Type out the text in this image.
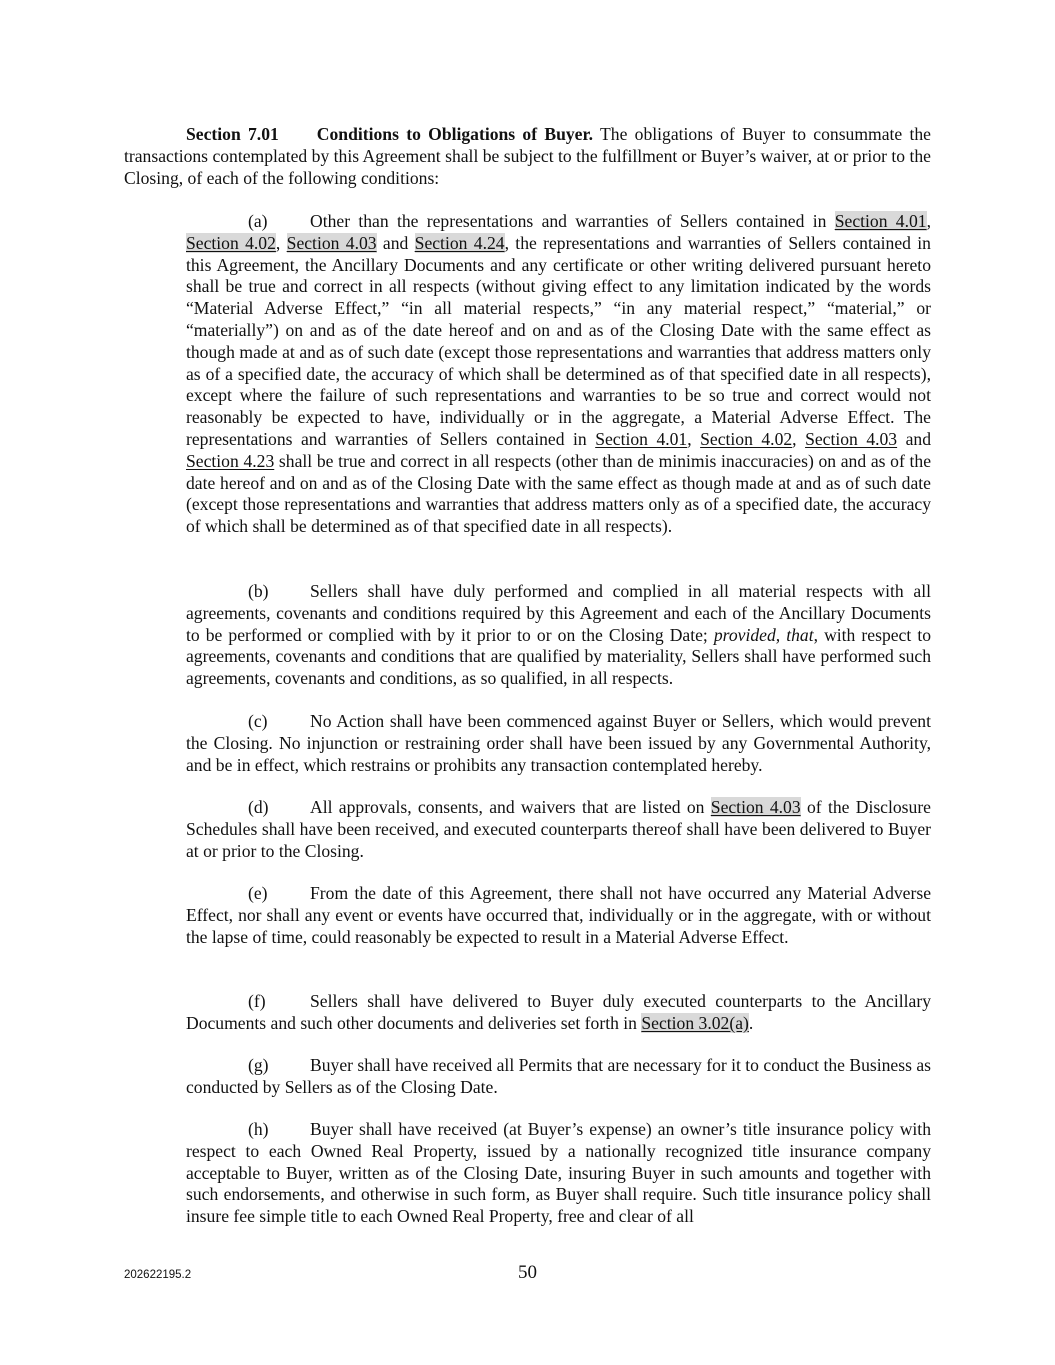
Section 7.01 Conditions to Obligations of Buyer. The obligations of Buyer to consummate the transactions contemplated by this Agreement shall be subject to the fulfillment or Buyer’s waiver, at or prior to the Closing, of each of the following conditions:

(a) Other than the representations and warranties of Sellers contained in Section 4.01, Section 4.02, Section 4.03 and Section 4.24, the representations and warranties of Sellers contained in this Agreement, the Ancillary Documents and any certificate or other writing delivered pursuant hereto shall be true and correct in all respects (without giving effect to any limitation indicated by the words “Material Adverse Effect,” “in all material respects,” “in any material respect,” “material,” or “materially”) on and as of the date hereof and on and as of the Closing Date with the same effect as though made at and as of such date (except those representations and warranties that address matters only as of a specified date, the accuracy of which shall be determined as of that specified date in all respects), except where the failure of such representations and warranties to be so true and correct would not reasonably be expected to have, individually or in the aggregate, a Material Adverse Effect. The representations and warranties of Sellers contained in Section 4.01, Section 4.02, Section 4.03 and Section 4.23 shall be true and correct in all respects (other than de minimis inaccuracies) on and as of the date hereof and on and as of the Closing Date with the same effect as though made at and as of such date (except those representations and warranties that address matters only as of a specified date, the accuracy of which shall be determined as of that specified date in all respects).

(b) Sellers shall have duly performed and complied in all material respects with all agreements, covenants and conditions required by this Agreement and each of the Ancillary Documents to be performed or complied with by it prior to or on the Closing Date; provided, that, with respect to agreements, covenants and conditions that are qualified by materiality, Sellers shall have performed such agreements, covenants and conditions, as so qualified, in all respects.

(c) No Action shall have been commenced against Buyer or Sellers, which would prevent the Closing. No injunction or restraining order shall have been issued by any Governmental Authority, and be in effect, which restrains or prohibits any transaction contemplated hereby.

(d) All approvals, consents, and waivers that are listed on Section 4.03 of the Disclosure Schedules shall have been received, and executed counterparts thereof shall have been delivered to Buyer at or prior to the Closing.

(e) From the date of this Agreement, there shall not have occurred any Material Adverse Effect, nor shall any event or events have occurred that, individually or in the aggregate, with or without the lapse of time, could reasonably be expected to result in a Material Adverse Effect.

(f)	Sellers shall have delivered to Buyer duly executed counterparts to the Ancillary Documents and such other documents and deliveries set forth in Section 3.02(a).

(g) Buyer shall have received all Permits that are necessary for it to conduct the Business as conducted by Sellers as of the Closing Date.

(h) Buyer shall have received (at Buyer’s expense) an owner’s title insurance policy with respect to each Owned Real Property, issued by a nationally recognized title insurance company acceptable to Buyer, written as of the Closing Date, insuring Buyer in such amounts and together with such endorsements, and otherwise in such form, as Buyer shall require. Such title insurance policy shall insure fee simple title to each Owned Real Property, free and clear of all

202622195.2	50
